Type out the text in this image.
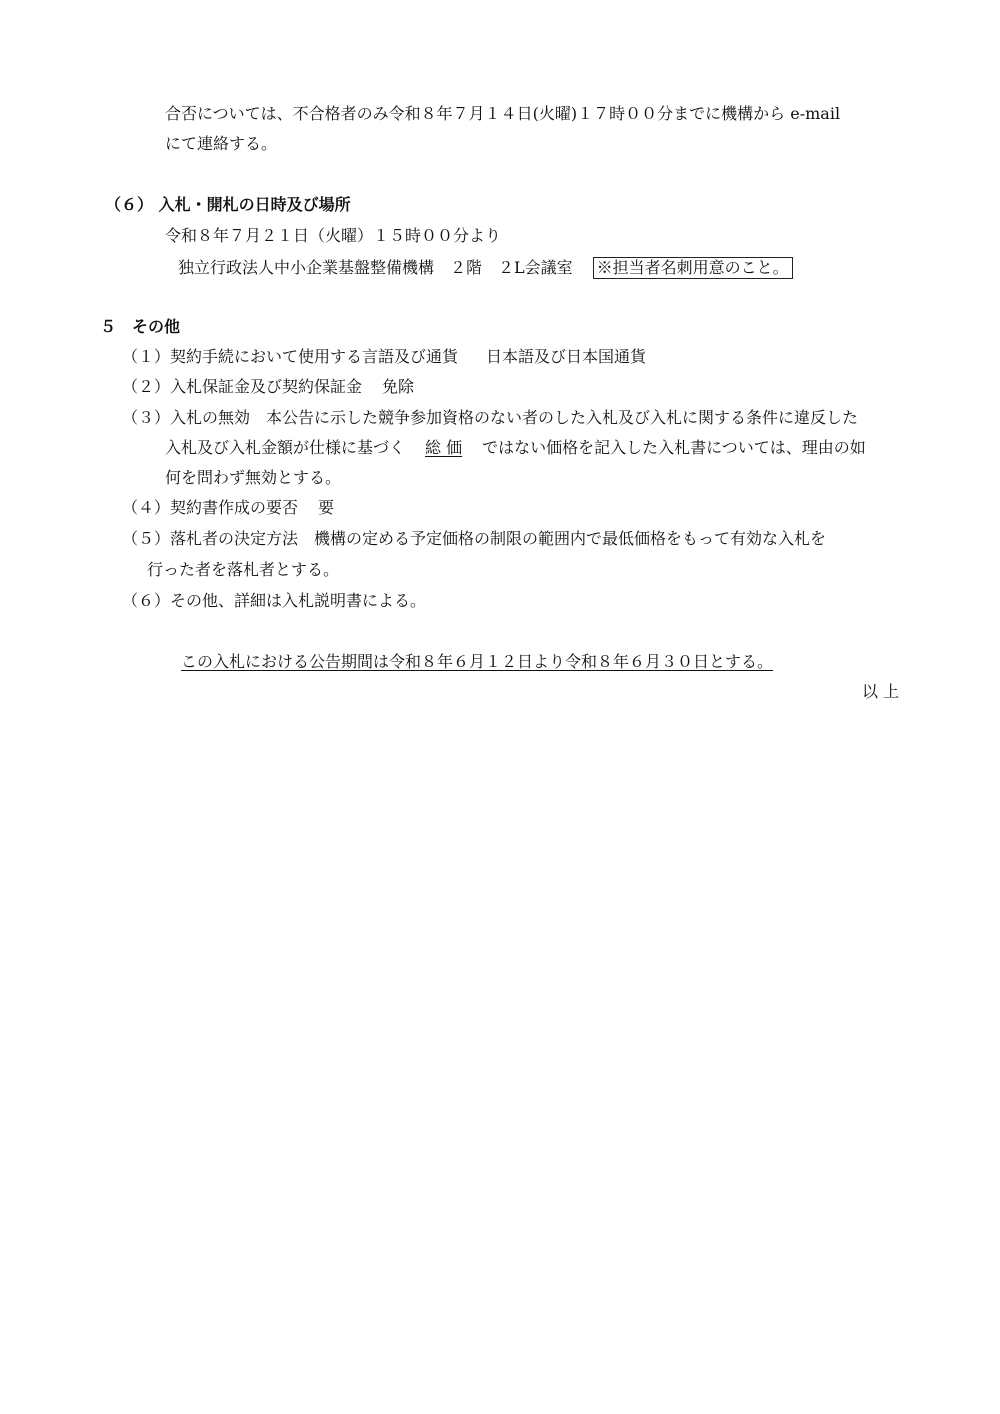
合否については、不合格者のみ令和８年７月１４日(火曜)１７時００分までに機構から e-mail
にて連絡する。
（６） 入札・開札の日時及び場所
令和８年７月２１日（火曜）１５時００分より
独立行政法人中小企業基盤整備機構　２階　２L会議室 ※担当者名刺用意のこと。
５　その他
（１）契約手続において使用する言語及び通貨 日本語及び日本国通貨
（２）入札保証金及び契約保証金 免除
（３）入札の無効　本公告に示した競争参加資格のない者のした入札及び入札に関する条件に違反した
入札及び入札金額が仕様に基づく 総 価 ではない価格を記入した入札書については、理由の如
何を問わず無効とする。
（４）契約書作成の要否 要
（５）落札者の決定方法　機構の定める予定価格の制限の範囲内で最低価格をもって有効な入札を
行った者を落札者とする。
（６）その他、詳細は入札説明書による。
この入札における公告期間は令和８年６月１２日より令和８年６月３０日とする。
以 上
